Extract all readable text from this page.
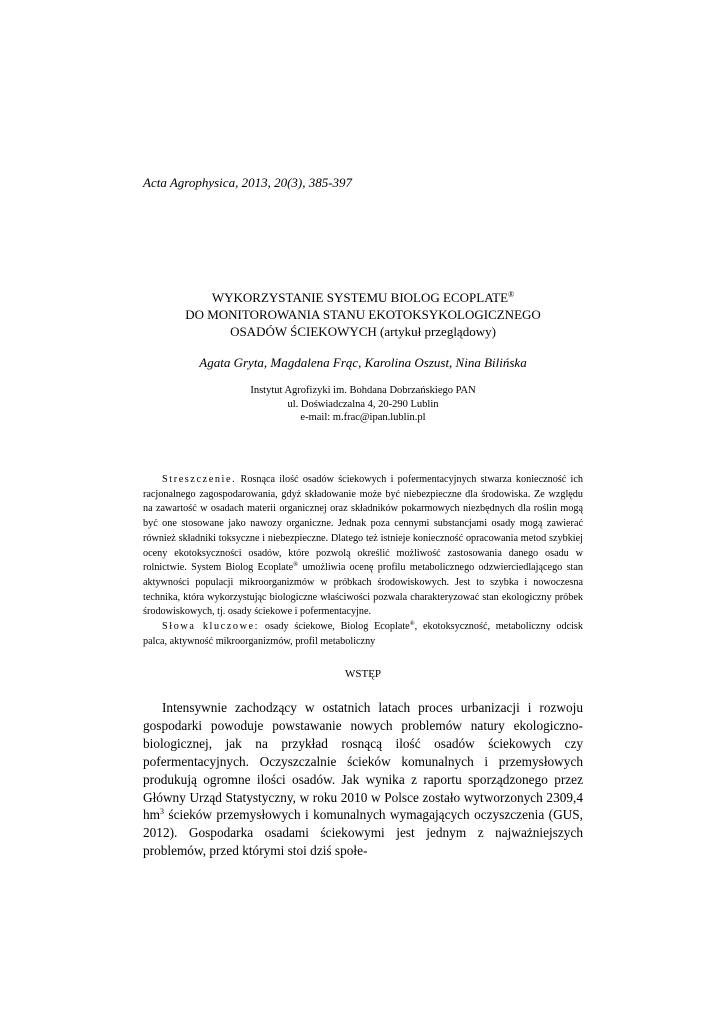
Acta Agrophysica, 2013, 20(3), 385-397
WYKORZYSTANIE SYSTEMU BIOLOG ECOPLATE®
DO MONITOROWANIA STANU EKOTOKSYKOLOGICZNEGO
OSADÓW ŚCIEKOWYCH (artykuł przeglądowy)
Agata Gryta, Magdalena Frąc, Karolina Oszust, Nina Bilińska
Instytut Agrofizyki im. Bohdana Dobrzańskiego PAN
ul. Doświadczalna 4, 20-290 Lublin
e-mail: m.frac@ipan.lublin.pl

Streszczenie. Rosnąca ilość osadów ściekowych i pofermentacyjnych stwarza konieczność ich racjonalnego zagospodarowania, gdyż składowanie może być niebezpieczne dla środowiska. Ze względu na zawartość w osadach materii organicznej oraz składników pokarmowych niezbędnych dla roślin mogą być one stosowane jako nawozy organiczne. Jednak poza cennymi substancjami osady mogą zawierać również składniki toksyczne i niebezpieczne. Dlatego też istnieje konieczność opracowania metod szybkiej oceny ekotoksyczności osadów, które pozwolą określić możliwość zastosowania danego osadu w rolnictwie. System Biolog Ecoplate® umożliwia ocenę profilu metabolicznego odzwierciedlającego stan aktywności populacji mikroorganizmów w próbkach środowiskowych. Jest to szybka i nowoczesna technika, która wykorzystując biologiczne właściwości pozwala charakteryzować stan ekologiczny próbek środowiskowych, tj. osady ściekowe i pofermentacyjne.

Słowa kluczowe: osady ściekowe, Biolog Ecoplate®, ekotoksyczność, metaboliczny odcisk palca, aktywność mikroorganizmów, profil metaboliczny

WSTĘP

Intensywnie zachodzący w ostatnich latach proces urbanizacji i rozwoju gospodarki powoduje powstawanie nowych problemów natury ekologiczno-biologicznej, jak na przykład rosnącą ilość osadów ściekowych czy pofermentacyjnych. Oczyszczalnie ścieków komunalnych i przemysłowych produkują ogromne ilości osadów. Jak wynika z raportu sporządzonego przez Główny Urząd Statystyczny, w roku 2010 w Polsce zostało wytworzonych 2309,4 $hm^3$ ścieków przemysłowych i komunalnych wymagających oczyszczenia (GUS, 2012). Gospodarka osadami ściekowymi jest jednym z najważniejszych problemów, przed którymi stoi dziś społe-
